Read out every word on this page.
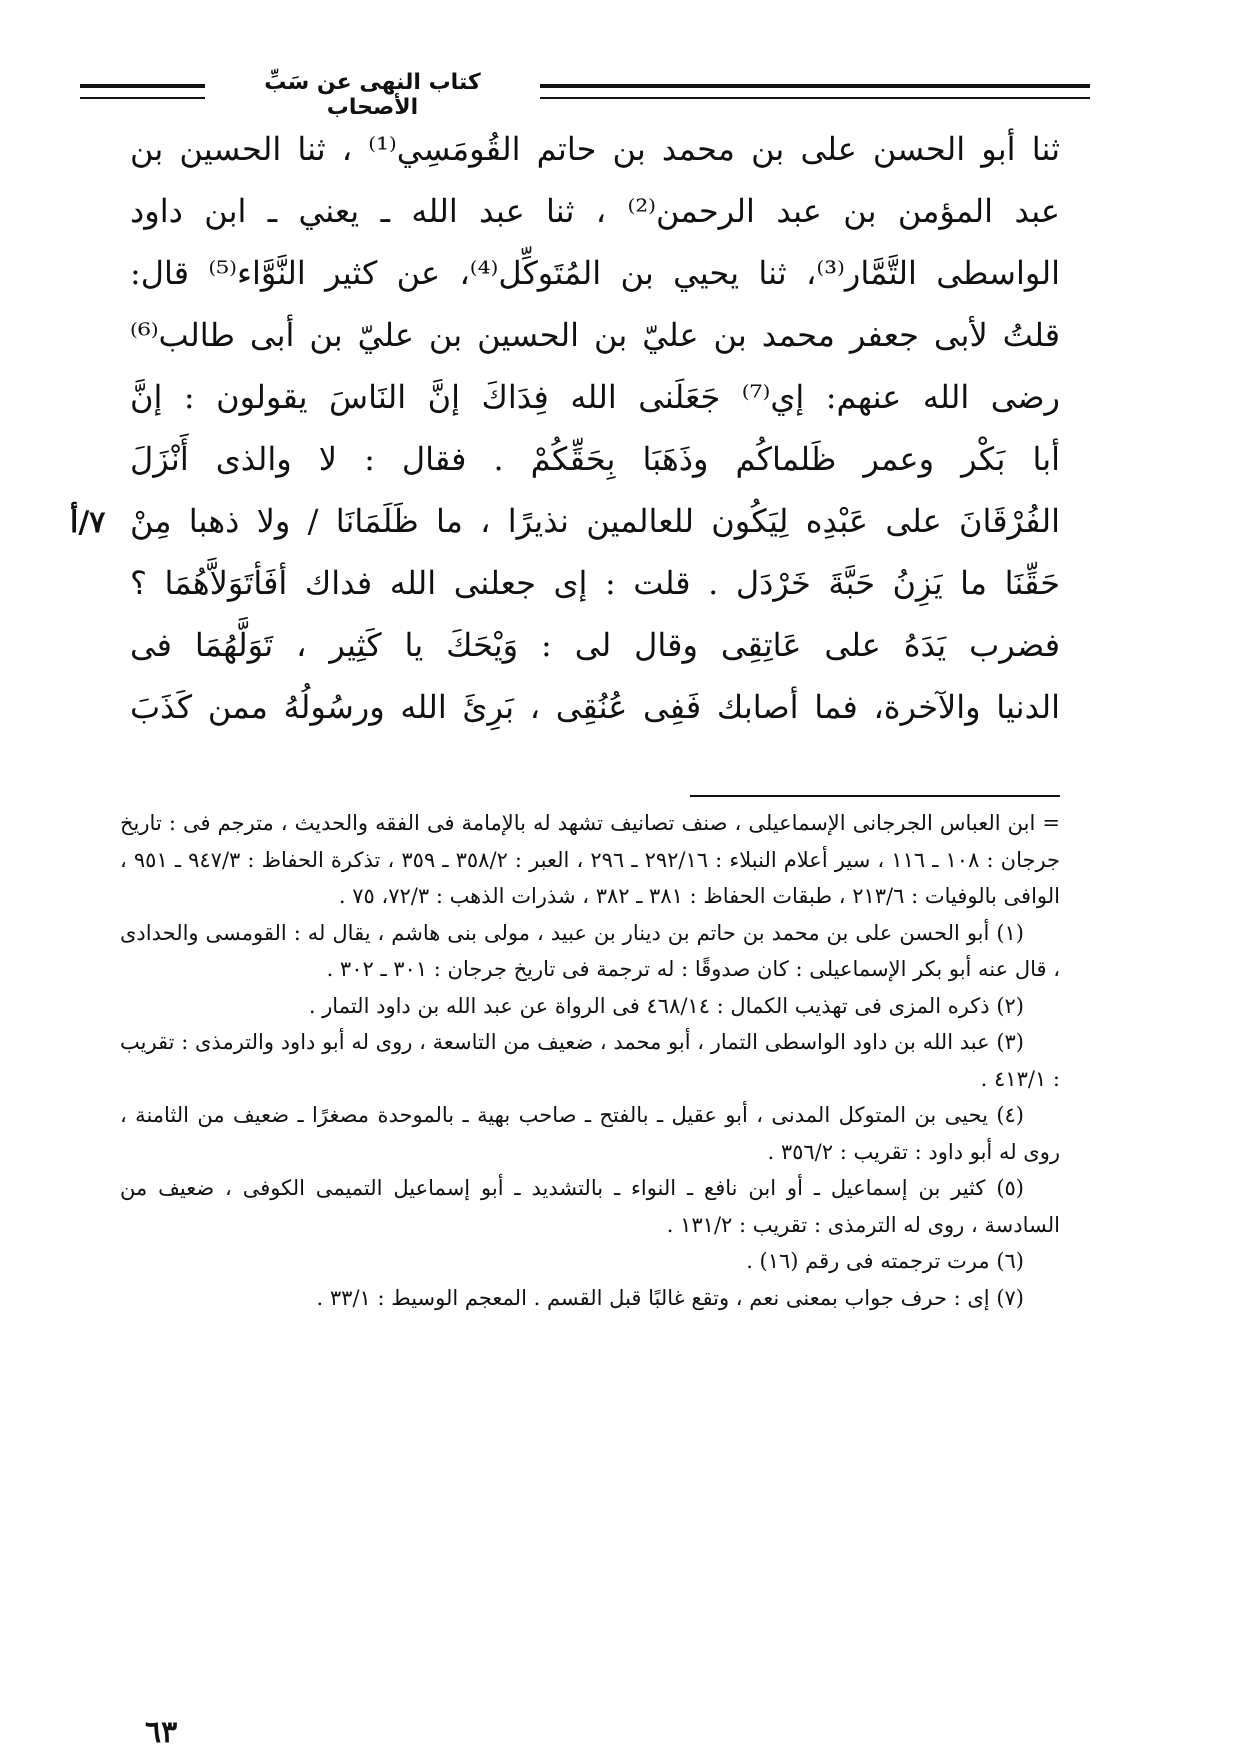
كتاب النهى عن سَبِّ الأصحاب
ثنا أبو الحسن على بن محمد بن حاتم القُومَسِي⁽¹⁾ ، ثنا الحسين بن
عبد المؤمن بن عبد الرحمن⁽²⁾ ، ثنا عبد الله ـ يعني ـ ابن داود
الواسطى التَّمَّار⁽³⁾، ثنا يحيي بن المُتَوكِّل⁽⁴⁾، عن كثير النَّوَّاء⁽⁵⁾ قال:
قلتُ لأبى جعفر محمد بن عليّ بن الحسين بن عليّ بن أبى طالب⁽⁶⁾
رضى الله عنهم: إي⁽⁷⁾ جَعَلَنى الله فِدَاكَ إنَّ النَاسَ يقولون : إنَّ
أبا بَكْر وعمر ظَلماكُم وذَهَبَا بِحَقِّكُمْ . فقال : لا والذى أَنْزَلَ
الفُرْقَانَ على عَبْدِه لِيَكُون للعالمين نذيرًا ، ما ظَلَمَانَا / ولا ذهبا مِنْ
حَقِّنَا ما يَزِنُ حَبَّةَ خَرْدَل . قلت : إى جعلنى الله فداك أفَأتَوَلاَّهُمَا ؟
فضرب يَدَهُ على عَاتِقِى وقال لى : وَيْحَكَ يا كَثِير ، تَوَلَّهُمَا فى
الدنيا والآخرة، فما أصابك فَفِى عُنُقِى ، بَرِئَ الله ورسُولُهُ ممن كَذَبَ
٧/أ

= ابن العباس الجرجانى الإسماعيلى ، صنف تصانيف تشهد له بالإمامة فى الفقه والحديث ، مترجم فى : تاريخ جرجان : ١٠٨ ـ ١١٦ ، سير أعلام النبلاء : ٢٩٢/١٦ ـ ٢٩٦ ، العبر : ٣٥٨/٢ ـ ٣٥٩ ، تذكرة الحفاظ : ٩٤٧/٣ ـ ٩٥١ ، الوافى بالوفيات : ٢١٣/٦ ، طبقات الحفاظ : ٣٨١ ـ ٣٨٢ ، شذرات الذهب : ٧٢/٣، ٧٥ .

(١) أبو الحسن على بن محمد بن حاتم بن دينار بن عبيد ، مولى بنى هاشم ، يقال له : القومسى والحدادى ، قال عنه أبو بكر الإسماعيلى : كان صدوقًا : له ترجمة فى تاريخ جرجان : ٣٠١ ـ ٣٠٢ .

(٢) ذكره المزى فى تهذيب الكمال : ٤٦٨/١٤ فى الرواة عن عبد الله بن داود التمار .

(٣) عبد الله بن داود الواسطى التمار ، أبو محمد ، ضعيف من التاسعة ، روى له أبو داود والترمذى : تقريب : ٤١٣/١ .

(٤) يحيى بن المتوكل المدنى ، أبو عقيل ـ بالفتح ـ صاحب بهية ـ بالموحدة مصغرًا ـ ضعيف من الثامنة ، روى له أبو داود : تقريب : ٣٥٦/٢ .

(٥) كثير بن إسماعيل ـ أو ابن نافع ـ النواء ـ بالتشديد ـ أبو إسماعيل التميمى الكوفى ، ضعيف من السادسة ، روى له الترمذى : تقريب : ١٣١/٢ .

(٦) مرت ترجمته فى رقم (١٦) .

(٧) إى : حرف جواب بمعنى نعم ، وتقع غالبًا قبل القسم . المعجم الوسيط : ٣٣/١ .

٦٣
